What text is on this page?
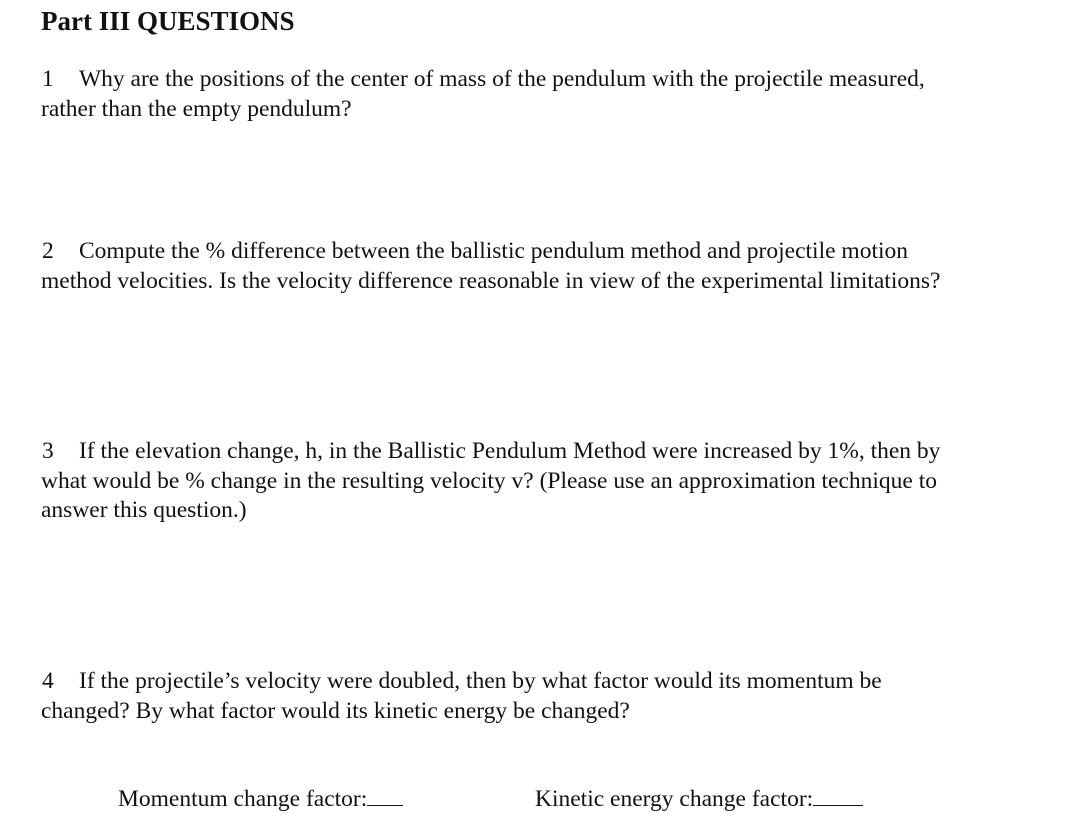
Part III QUESTIONS
1 Why are the positions of the center of mass of the pendulum with the projectile measured,
rather than the empty pendulum?
2 Compute the % difference between the ballistic pendulum method and projectile motion
method velocities. Is the velocity difference reasonable in view of the experimental limitations?
3 If the elevation change, h, in the Ballistic Pendulum Method were increased by 1%, then by
what would be % change in the resulting velocity v? (Please use an approximation technique to
answer this question.)
4 If the projectile’s velocity were doubled, then by what factor would its momentum be
changed? By what factor would its kinetic energy be changed?
Momentum change factor:	Kinetic energy change factor:
